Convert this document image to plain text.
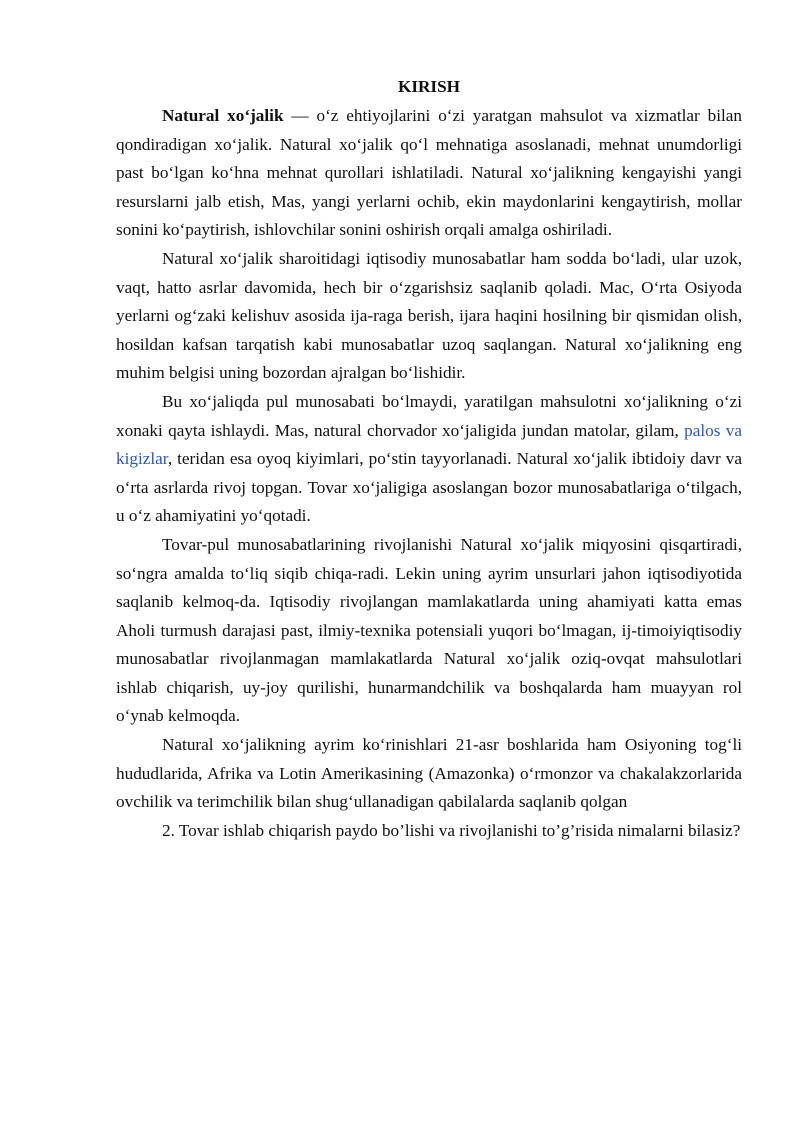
KIRISH

Natural xo‘jalik — o‘z ehtiyojlarini o‘zi yaratgan mahsulot va xizmatlar bilan qondiradigan xo‘jalik. Natural xo‘jalik qo‘l mehnatiga asoslanadi, mehnat unumdorligi past bo‘lgan ko‘hna mehnat qurollari ishlatiladi. Natural xo‘jalikning kengayishi yangi resurslarni jalb etish, Mas, yangi yerlarni ochib, ekin maydonlarini kengaytirish, mollar sonini ko‘paytirish, ishlovchilar sonini oshirish orqali amalga oshiriladi.

Natural xo‘jalik sharoitidagi iqtisodiy munosabatlar ham sodda bo‘ladi, ular uzok, vaqt, hatto asrlar davomida, hech bir o‘zgarishsiz saqlanib qoladi. Mac, O‘rta Osiyoda yerlarni og‘zaki kelishuv asosida ija-raga berish, ijara haqini hosilning bir qismidan olish, hosildan kafsan tarqatish kabi munosabatlar uzoq saqlangan. Natural xo‘jalikning eng muhim belgisi uning bozordan ajralgan bo‘lishidir.

Bu xo‘jaliqda pul munosabati bo‘lmaydi, yaratilgan mahsulotni xo‘jalikning o‘zi xonaki qayta ishlaydi. Mas, natural chorvador xo‘jaligida jundan matolar, gilam, palos va kigizlar, teridan esa oyoq kiyimlari, po‘stin tayyorlanadi. Natural xo‘jalik ibtidoiy davr va o‘rta asrlarda rivoj topgan. Tovar xo‘jaligiga asoslangan bozor munosabatlariga o‘tilgach, u o‘z ahamiyatini yo‘qotadi.

Tovar-pul munosabatlarining rivojlanishi Natural xo‘jalik miqyosini qisqartiradi, so‘ngra amalda to‘liq siqib chiqa-radi. Lekin uning ayrim unsurlari jahon iqtisodiyotida saqlanib kelmoq-da. Iqtisodiy rivojlangan mamlakatlarda uning ahamiyati katta emas Aholi turmush darajasi past, ilmiy-texnika potensiali yuqori bo‘lmagan, ij-timoiyiqtisodiy munosabatlar rivojlanmagan mamlakatlarda Natural xo‘jalik oziq-ovqat mahsulotlari ishlab chiqarish, uy-joy qurilishi, hunarmandchilik va boshqalarda ham muayyan rol o‘ynab kelmoqda.

Natural xo‘jalikning ayrim ko‘rinishlari 21-asr boshlarida ham Osiyoning tog‘li hududlarida, Afrika va Lotin Amerikasining (Amazonka) o‘rmonzor va chakalakzorlarida ovchilik va terimchilik bilan shug‘ullanadigan qabilalarda saqlanib qolgan

2. Tovar ishlab chiqarish paydo bo’lishi va rivojlanishi to’g’risida nimalarni bilasiz?
